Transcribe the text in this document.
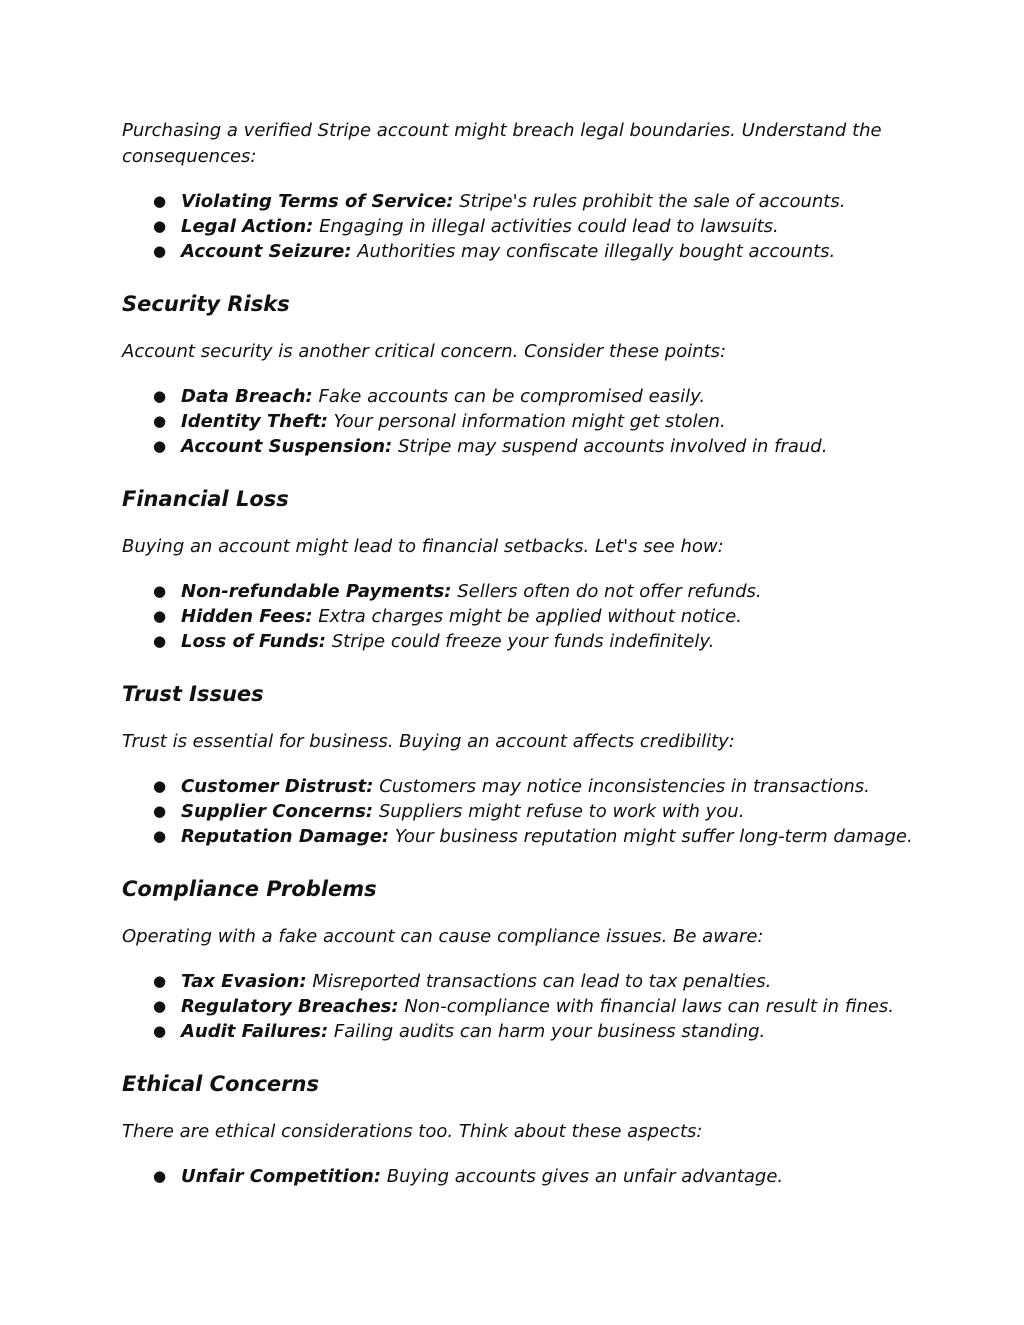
Purchasing a verified Stripe account might breach legal boundaries. Understand the consequences:

● Violating Terms of Service: Stripe's rules prohibit the sale of accounts.
● Legal Action: Engaging in illegal activities could lead to lawsuits.
● Account Seizure: Authorities may confiscate illegally bought accounts.
Security Risks

Account security is another critical concern. Consider these points:

● Data Breach: Fake accounts can be compromised easily.
● Identity Theft: Your personal information might get stolen.
● Account Suspension: Stripe may suspend accounts involved in fraud.
Financial Loss

Buying an account might lead to financial setbacks. Let's see how:

● Non-refundable Payments: Sellers often do not offer refunds.
● Hidden Fees: Extra charges might be applied without notice.
● Loss of Funds: Stripe could freeze your funds indefinitely.
Trust Issues

Trust is essential for business. Buying an account affects credibility:

● Customer Distrust: Customers may notice inconsistencies in transactions.
● Supplier Concerns: Suppliers might refuse to work with you.
● Reputation Damage: Your business reputation might suffer long-term damage.
Compliance Problems

Operating with a fake account can cause compliance issues. Be aware:

● Tax Evasion: Misreported transactions can lead to tax penalties.
● Regulatory Breaches: Non-compliance with financial laws can result in fines.
● Audit Failures: Failing audits can harm your business standing.
Ethical Concerns

There are ethical considerations too. Think about these aspects:

● Unfair Competition: Buying accounts gives an unfair advantage.
